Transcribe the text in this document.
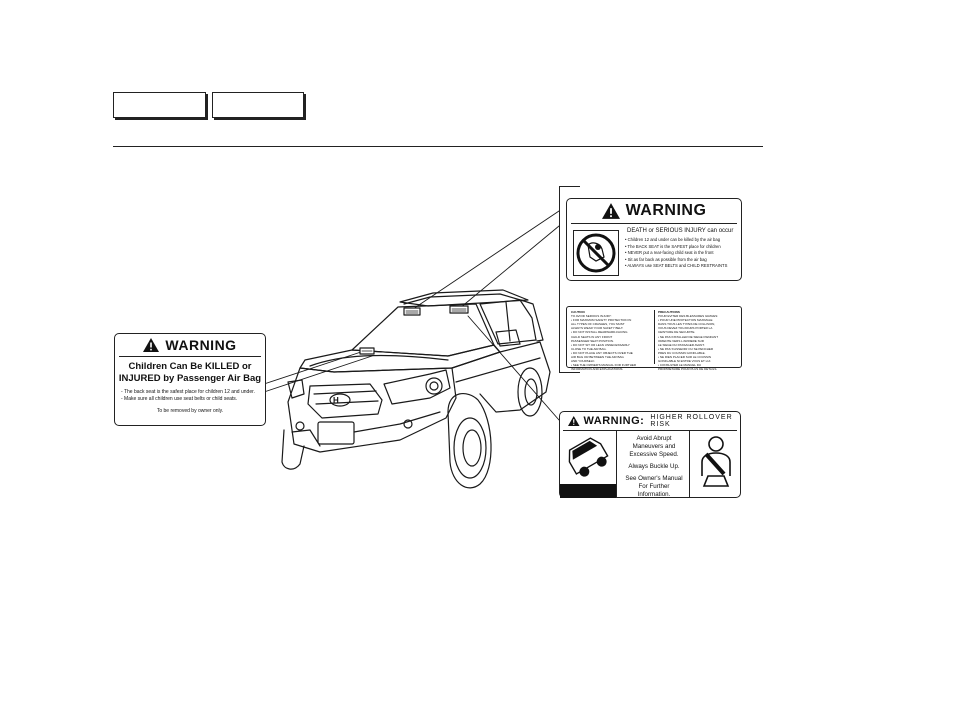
H
WARNING
Children Can Be KILLED or
INJURED by Passenger Air Bag
- The back seat is the safest place for children 12 and under.
- Make sure all children use seat belts or child seats.
To be removed by owner only.
WARNING
DEATH or SERIOUS INJURY can occur
• Children 12 and under can be killed by the air bag
• The BACK SEAT is the SAFEST place for children
• NEVER put a rear-facing child seat in the front
• Sit as far back as possible from the air bag
• ALWAYS use SEAT BELTS and CHILD RESTRAINTS
CAUTION
TO AVOID SERIOUS INJURY:
• FOR MAXIMUM SAFETY PROTECTION IN
ALL TYPES OF CRASHES, YOU MUST
ALWAYS WEAR YOUR SAFETY BELT.
• DO NOT INSTALL REARWARD-FACING
CHILD SEATS IN ANY FRONT
PASSENGER SEAT POSITION.
• DO NOT SIT OR LEAN UNNECESSARILY
CLOSE TO THE AIR BAG.
• DO NOT PLACE ANY OBJECTS OVER THE
AIR BAG OR BETWEEN THE AIR BAG
AND YOURSELF.
• SEE THE OWNER'S MANUAL FOR FURTHER
INFORMATION AND EXPLANATIONS.
PRECAUTIONS
POUR EVITER DES BLESSURES GRAVES:
• POUR UNE PROTECTION MAXIMALE
DANS TOUS LES TYPES DE COLLISION,
VOUS DEVEZ TOUJOURS PORTER LA
CEINTURE DE SECURITE.
• NE PAS INSTALLER DE SIEGE D'ENFANT
ORIENTE VERS L'ARRIERE SUR
LE SIEGE DU PASSAGER AVANT.
• NE PAS S'ASSEOIR OU SE PENCHER
PRES DU COUSSIN GONFLABLE.
• NE RIEN PLACER SUR LE COUSSIN
GONFLABLE NI ENTRE VOUS ET LUI.
• CONSULTER LE MANUEL DU
PROPRIETAIRE POUR PLUS DE DETAILS.
WARNING: HIGHER ROLLOVER RISK
Avoid Abrupt Maneuvers and Excessive Speed.
Always Buckle Up.
See Owner's Manual For Further Information.
